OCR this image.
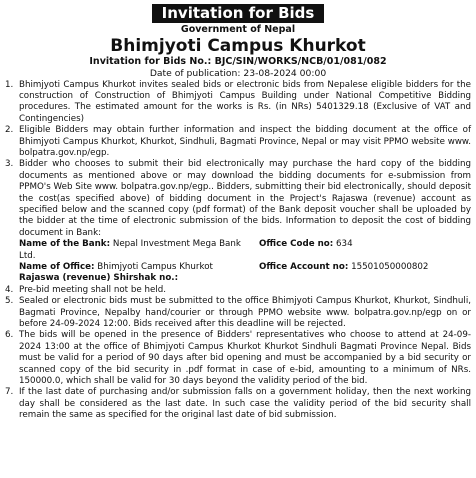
Invitation for Bids
Government of Nepal
Bhimjyoti Campus Khurkot
Invitation for Bids No.: BJC/SIN/WORKS/NCB/01/081/082
Date of publication: 23-08-2024 00:00
1. Bhimjyoti Campus Khurkot invites sealed bids or electronic bids from Nepalese eligible bidders for the construction of Construction of Bhimjyoti Campus Building under National Competitive Bidding procedures. The estimated amount for the works is Rs. (in NRs) 5401329.18 (Exclusive of VAT and Contingencies)
2. Eligible Bidders may obtain further information and inspect the bidding document at the office of Bhimjyoti Campus Khurkot, Khurkot, Sindhuli, Bagmati Province, Nepal or may visit PPMO website www. bolpatra.gov.np/egp.
3. Bidder who chooses to submit their bid electronically may purchase the hard copy of the bidding documents as mentioned above or may download the bidding documents for e-submission from PPMO's Web Site www. bolpatra.gov.np/egp.. Bidders, submitting their bid electronically, should deposit the cost(as specified above) of bidding document in the Project's Rajaswa (revenue) account as specified below and the scanned copy (pdf format) of the Bank deposit voucher shall be uploaded by the bidder at the time of electronic submission of the bids. Information to deposit the cost of bidding document in Bank:
Name of the Bank: Nepal Investment Mega Bank Ltd.
Office Code no: 634
Name of Office: Bhimjyoti Campus Khurkot	Office Account no: 15501050000802
Rajaswa (revenue) Shirshak no.:
4. Pre-bid meeting shall not be held.
5. Sealed or electronic bids must be submitted to the office Bhimjyoti Campus Khurkot, Khurkot, Sindhuli, Bagmati Province, Nepalby hand/courier or through PPMO website www. bolpatra.gov.np/egp on or before 24-09-2024 12:00. Bids received after this deadline will be rejected.
6. The bids will be opened in the presence of Bidders' representatives who choose to attend at 24-09-2024 13:00 at the office of Bhimjyoti Campus Khurkot Khurkot Sindhuli Bagmati Province Nepal. Bids must be valid for a period of 90 days after bid opening and must be accompanied by a bid security or scanned copy of the bid security in .pdf format in case of e-bid, amounting to a minimum of NRs. 150000.0, which shall be valid for 30 days beyond the validity period of the bid.
7. If the last date of purchasing and/or submission falls on a government holiday, then the next working day shall be considered as the last date. In such case the validity period of the bid security shall remain the same as specified for the original last date of bid submission.
